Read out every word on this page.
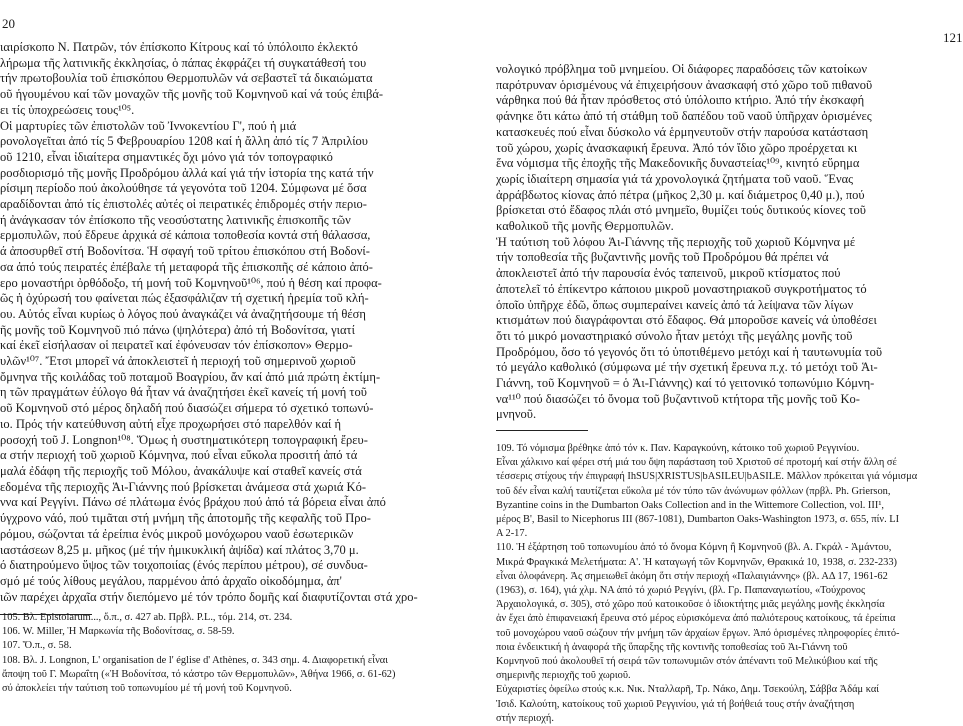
20
ιαιρίσκοπο Ν. Πατρῶν, τόν ἐπίσκοπο Κίτρους καί τό ὑπόλοιπο ἐκλεκτό
λήρωμα τῆς λατινικῆς ἐκκλησίας, ὁ πάπας ἐκφράζει τή συγκατάθεσή του
τήν πρωτοβουλία τοῦ ἐπισκόπου Θερμοπυλῶν νά σεβαστεῖ τά δικαιώματα
οῦ ἡγουμένου καί τῶν μοναχῶν τῆς μονῆς τοῦ Κομνηνοῦ καί νά τούς ἐπιβά-
ει τίς ὑποχρεώσεις τους¹⁰⁵.
Οἱ μαρτυρίες τῶν ἐπιστολῶν τοῦ Ἰννοκεντίου Γ', πού ἡ μιά
ρονολογεῖται ἀπό τίς 5 Φεβρουαρίου 1208 καί ἡ ἄλλη ἀπό τίς 7 Ἀπριλίου
οῦ 1210, εἶναι ἰδιαίτερα σημαντικές ὄχι μόνο γιά τόν τοπογραφικό
ροσδιορισμό τῆς μονῆς Προδρόμου ἀλλά καί γιά τήν ἱστορία της κατά τήν
ρίσιμη περίοδο πού ἀκολούθησε τά γεγονότα τοῦ 1204. Σύμφωνα μέ ὅσα
αραδίδονται ἀπό τίς ἐπιστολές αὐτές οἱ πειρατικές ἐπιδρομές στήν περιο-
ή ἀνάγκασαν τόν ἐπίσκοπο τῆς νεοσύστατης λατινικῆς ἐπισκοπῆς τῶν
ερμοπυλῶν, πού ἔδρευε ἀρχικά σέ κάποια τοποθεσία κοντά στή θάλασσα,
ά ἀποσυρθεῖ στή Βοδονίτσα. Ἡ σφαγή τοῦ τρίτου ἐπισκόπου στή Βοδονί-
σα ἀπό τούς πειρατές ἐπέβαλε τή μεταφορά τῆς ἐπισκοπῆς σέ κάποιο ἀπό-
ερο μοναστήρι ὀρθόδοξο, τή μονή τοῦ Κομνηνοῦ¹⁰⁶, πού ἡ θέση καί προφα-
ῶς ἡ ὀχύρωσή του φαίνεται πώς ἐξασφάλιζαν τή σχετική ἠρεμία τοῦ κλή-
ου. Αὐτός εἶναι κυρίως ὁ λόγος πού ἀναγκάζει νά ἀναζητήσουμε τή θέση
ῆς μονῆς τοῦ Κομνηνοῦ πιό πάνω (ψηλότερα) ἀπό τή Βοδονίτσα, γιατί
καί ἐκεῖ εἰσήλασαν οἱ πειρατεῖ καί ἐφόνευσαν τόν ἐπίσκοπον» Θερμο-
υλῶν¹⁰⁷. Ἔτσι μπορεῖ νά ἀποκλειστεῖ ἡ περιοχή τοῦ σημερινοῦ χωριοῦ
ὄμνηνα τῆς κοιλάδας τοῦ ποταμοῦ Βοαγρίου, ἄν καί ἀπό μιά πρώτη ἐκτίμη-
η τῶν πραγμάτων ἐύλογο θά ἦταν νά ἀναζητήσει ἐκεῖ κανείς τή μονή τοῦ
οῦ Κομνηνοῦ στό μέρος δηλαδή πού διασώζει σήμερα τό σχετικό τοπωνύ-
ιο. Πρός τήν κατεύθυνση αὐτή εἶχε προχωρήσει στό παρελθόν καί ἡ
ροσοχή τοῦ J. Longnon¹⁰⁸. Ὅμως ἡ συστηματικότερη τοπογραφική ἔρευ-
α στήν περιοχή τοῦ χωριοῦ Κόμνηνα, πού εἶναι εὔκολα προσιτή ἀπό τά
μαλά ἐδάφη τῆς περιοχῆς τοῦ Μόλου, ἀνακάλυψε καί σταθεῖ κανείς στά
εδομένα τῆς περιοχῆς Ἁι-Γιάννης πού βρίσκεται ἀνάμεσα στά χωριά Κό-
ννα καί Ρεγγίνι. Πάνω σέ πλάτωμα ἐνός βράχου πού ἀπό τά βόρεια εἶναι ἀπό
ύγχρονο νάό, πού τιμᾶται στή μνήμη τῆς ἀποτομῆς τῆς κεφαλῆς τοῦ Προ-
ρόμου, σώζονται τά ἐρείπια ἑνός μικροῦ μονόχωρου ναοῦ ἐσωτερικῶν
ιαστάσεων 8,25 μ. μῆκος (μέ τήν ἡμικυκλική ἀψίδα) καί πλάτος 3,70 μ.
ό διατηρούμενο ὕψος τῶν τοιχοποιίας (ἑνός περίπου μέτρου), σέ συνδυα-
σμό μέ τούς λίθους μεγάλου, παρμένου ἀπό ἀρχαῖο οἰκοδόμημα, ἀπ'
ιῶν παρέχει ἀρχαῖα στήν διεπόμενο μέ τόν τρόπο δομῆς καί διαφυτίζονται στά χρο-
105. Βλ. Epistolarum..., ὅ.π., σ. 427 ab. Πρβλ. P.L., τόμ. 214, στ. 234.
106. W. Miller, Ἡ Μαρκωνία τῆς Βοδονίτσας, σ. 58-59.
107. Ὅ.π., σ. 58.
108. Βλ. J. Longnon, L' organisation de l' église d' Athènes, σ. 343 σημ. 4. Διαφορετική εἶναι
ἄποψη τοῦ Γ. Μωραΐτη («Ἡ Βοδονίτσα, τό κάστρο τῶν Θερμοπυλῶν», Ἀθήνα 1966, σ. 61-62)
σύ ἀποκλείει τήν ταύτιση τοῦ τοπωνυμίου μέ τή μονή τοῦ Κομνηνοῦ.
121
νολογικό πρόβλημα τοῦ μνημείου. Οἱ διάφορες παραδόσεις τῶν κατοίκων
παρότρυναν ὁρισμένους νά ἐπιχειρήσουν ἀνασκαφή στό χῶρο τοῦ πιθανοῦ
νάρθηκα πού θά ἦταν πρόσθετος στό ὑπόλοιπο κτήριο. Ἀπό τήν ἐκσκαφή
φάνηκε ὅτι κάτω ἀπό τή στάθμη τοῦ δαπέδου τοῦ ναοῦ ὑπῆρχαν ὁρισμένες
κατασκευές πού εἶναι δύσκολο νά ἑρμηνευτοῦν στήν παρούσα κατάσταση
τοῦ χώρου, χωρίς ἀνασκαφική ἔρευνα. Ἀπό τόν ἴδιο χῶρο προέρχεται κι
ἕνα νόμισμα τῆς ἐποχῆς τῆς Μακεδονικῆς δυναστείας¹⁰⁹, κινητό εὕρημα
χωρίς ἰδιαίτερη σημασία γιά τά χρονολογικά ζητήματα τοῦ ναοῦ. Ἕνας
ἀρράβδωτος κίονας ἀπό πέτρα (μῆκος 2,30 μ. καί διάμετρος 0,40 μ.), πού
βρίσκεται στό ἔδαφος πλάι στό μνημεῖο, θυμίζει τούς δυτικούς κίονες τοῦ
καθολικοῦ τῆς μονῆς Θερμοπυλῶν.
Ἡ ταύτιση τοῦ λόφου Ἁι-Γιάννης τῆς περιοχῆς τοῦ χωριοῦ Κόμνηνα μέ
τήν τοποθεσία τῆς βυζαντινῆς μονῆς τοῦ Προδρόμου θά πρέπει νά
ἀποκλειστεῖ ἀπό τήν παρουσία ἑνός ταπεινοῦ, μικροῦ κτίσματος πού
ἀποτελεῖ τό ἐπίκεντρο κάποιου μικροῦ μοναστηριακοῦ συγκροτήματος τό
ὁποῖο ὑπῆρχε ἐδῶ, ὅπως συμπεραίνει κανείς ἀπό τά λείψανα τῶν λίγων
κτισμάτων πού διαγράφονται στό ἔδαφος. Θά μποροῦσε κανείς νά ὑποθέσει
ὅτι τό μικρό μοναστηριακό σύνολο ἦταν μετόχι τῆς μεγάλης μονῆς τοῦ
Προδρόμου, ὅσο τό γεγονός ὅτι τό ὑποτιθέμενο μετόχι καί ἡ ταυτωνυμία τοῦ
τό μεγάλο καθολικό (σύμφωνα μέ τήν σχετική ἔρευνα π.χ. τό μετόχι τοῦ Ἁι-
Γιάννη, τοῦ Κομνηνοῦ = ὁ Ἁι-Γιάννης) καί τό γειτονικό τοπωνύμιο Κόμνη-
να¹¹⁰ πού διασώζει τό ὄνομα τοῦ βυζαντινοῦ κτήτορα τῆς μονῆς τοῦ Κο-
μνηνοῦ.
109. Τό νόμισμα βρέθηκε ἀπό τόν κ. Παν. Καραγκούνη, κάτοικο τοῦ χωριοῦ Ρεγγινίου.
Εἶναι χάλκινο καί φέρει στή μιά του ὄψη παράσταση τοῦ Χριστοῦ σέ προτομή καί στήν ἄλλη σέ
τέσσερις στίχους τήν ἐπιγραφή IhSUS|XRISTUS|bASILEU|bASILE. Μᾶλλον πρόκειται γιά νόμισμα
τοῦ δέν εἶναι καλή ταυτίζεται εὔκολα μέ τόν τύπο τῶν ἀνώνυμων φόλλων (πρβλ. Ph. Grierson,
Byzantine coins in the Dumbarton Oaks Collection and in the Wittemore Collection, vol. III¹,
μέρος Β', Basil to Nicephorus III (867-1081), Dumbarton Oaks-Washington 1973, σ. 655, πίν. LI
A 2-17.
110. Ἡ ἐξάρτηση τοῦ τοπωνυμίου ἀπό τό ὄνομα Κόμνη ἢ Κομνηνοῦ (βλ. Α. Γκράλ - Ἀμάντου,
Μικρά Φραγκικά Μελετήματα: Α'. Ἡ καταγωγή τῶν Κομνηνῶν, Θρακικά 10, 1938, σ. 232-233)
εἶναι ὁλοφάνερη. Ἀς σημειωθεῖ ἀκόμη ὅτι στήν περιοχή «Παλαιγιάννης» (βλ. ΑΔ 17, 1961-62
(1963), σ. 164), γιά χλμ. ΝΑ ἀπό τό χωριό Ρεγγίνι, (βλ. Γρ. Παπαναγιωτίου, «Τούχρονος
Ἀρχαιολογικά, σ. 305), στό χῶρο πού κατοικοῦσε ὁ ἰδιοκτήτης μιᾶς μεγάλης μονῆς ἐκκλησία
ἀν ἔχει ἀπὸ ἐπιφανειακή ἔρευνα στό μέρος εὑρισκόμενα ἀπό παλιότερους κατοίκους, τά ἐρείπια
τοῦ μονοχώρου ναοῦ σώζουν τήν μνήμη τῶν ἀρχαίων ἔργων. Ἀπό ὁρισμένες πληροφορίες ἐπιτό-
ποια ἐνδεικτική ἡ ἀναφορά τῆς ὕπαρξης τῆς κοντινῆς τοποθεσίας τοῦ Ἁι-Γιάννη τοῦ
Κομνηνοῦ πού ἀκολουθεῖ τή σειρά τῶν τοπωνυμιῶν στόν ἀπέναντι τοῦ Μελικύβιου καί τῆς
σημερινῆς περιοχῆς τοῦ χωριοῦ.
Εὐχαριστίες ὀφείλω στούς κ.κ. Νικ. Νταλλαρῆ, Τρ. Νάκο, Δημ. Τσεκούλη, Σάββα Ἀδάμ καί
Ἰσιδ. Καλούτη, κατοίκους τοῦ χωριοῦ Ρεγγινίου, γιά τή βοήθειά τους στήν ἀναζήτηση
στήν περιοχή.
